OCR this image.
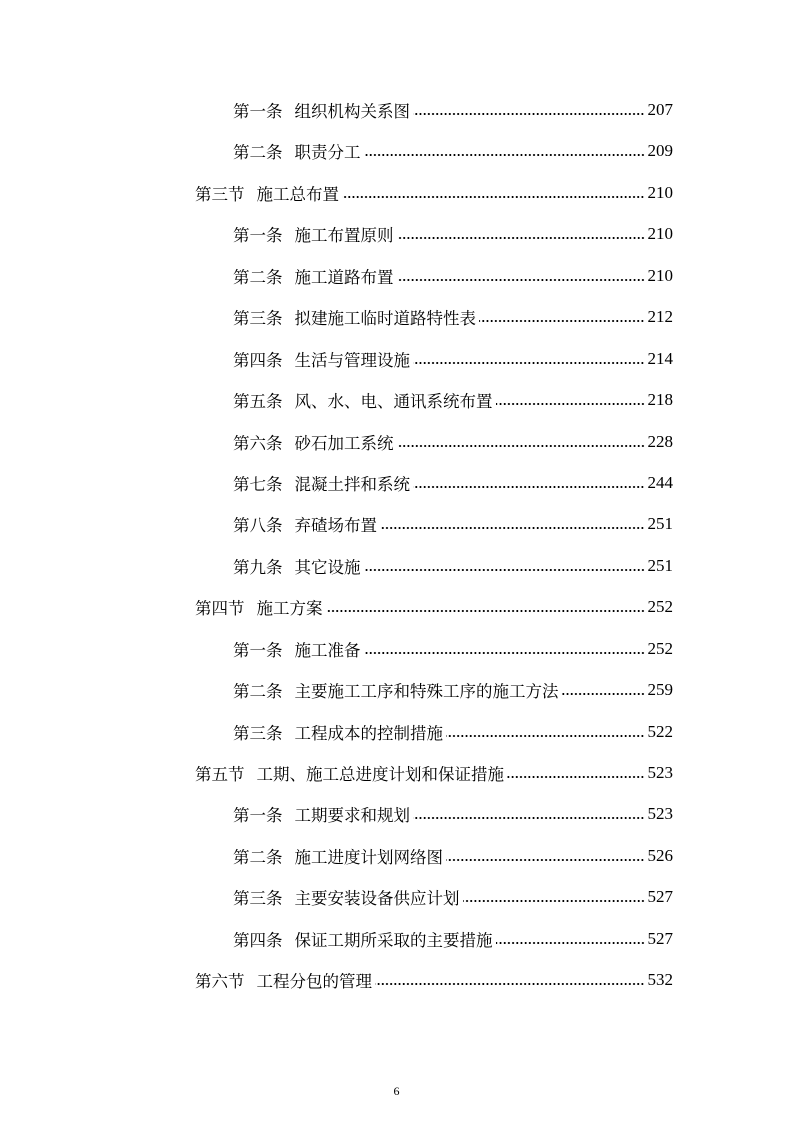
第一条 组织机构关系图	207
第二条 职责分工	209
第三节 施工总布置	210
第一条 施工布置原则	210
第二条 施工道路布置	210
第三条 拟建施工临时道路特性表	212
第四条 生活与管理设施	214
第五条 风、水、电、通讯系统布置	218
第六条 砂石加工系统	228
第七条 混凝土拌和系统	244
第八条 弃碴场布置	251
第九条 其它设施	251
第四节 施工方案	252
第一条 施工准备	252
第二条 主要施工工序和特殊工序的施工方法	259
第三条 工程成本的控制措施	522
第五节 工期、施工总进度计划和保证措施	523
第一条 工期要求和规划	523
第二条 施工进度计划网络图	526
第三条 主要安装设备供应计划	527
第四条 保证工期所采取的主要措施	527
第六节 工程分包的管理	532
6
